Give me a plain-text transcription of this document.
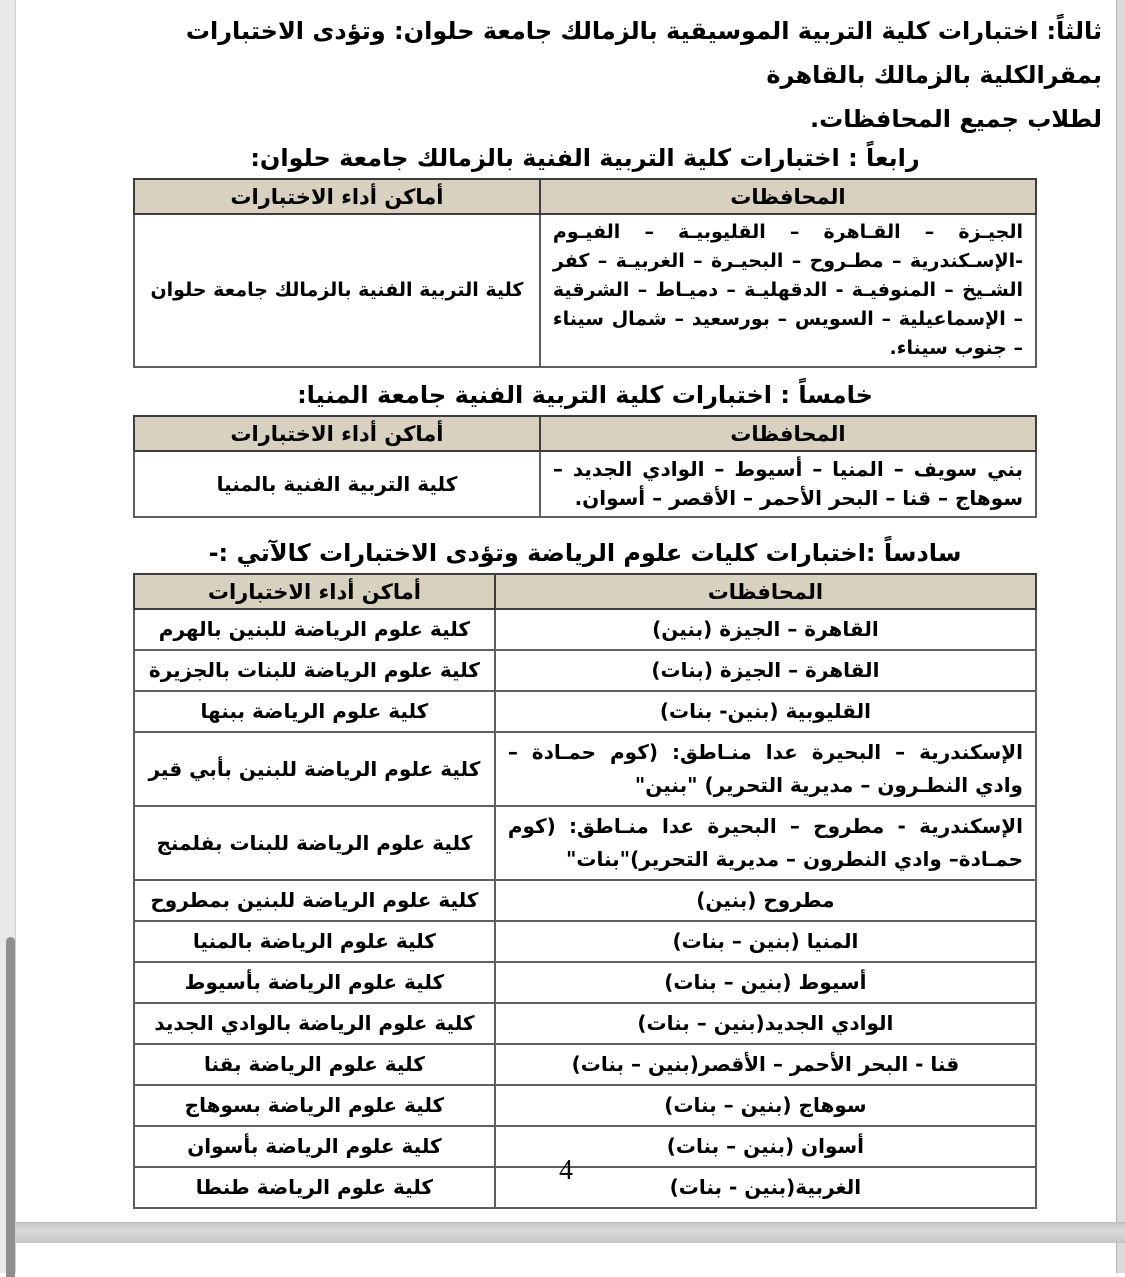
ثالثاً: اختبارات كلية التربية الموسيقية بالزمالك جامعة حلوان: وتؤدى الاختبارات بمقرالكلية بالزمالك بالقاهرة
لطلاب جميع المحافظات.

رابعاً : اختبارات كلية التربية الفنية بالزمالك جامعة حلوان:
المحافظات	أماكن أداء الاختبارات
الجيـزة – القـاهرة – القليوبيـة – الفيـوم -الإسـكندرية – مطـروح – البحيـرة – الغربيـة – كفر الشـيخ – المنوفيـة - الدقهليـة – دميـاط – الشرقية – الإسماعيلية – السويس – بورسعيد – شمال سيناء – جنوب سيناء.	كلية التربية الفنية بالزمالك جامعة حلوان
خامساً : اختبارات كلية التربية الفنية جامعة المنيا:
المحافظات	أماكن أداء الاختبارات
بني سويف – المنيا – أسيوط – الوادي الجديد – سوهاج – قنا – البحر الأحمر – الأقصر – أسوان.	كلية التربية الفنية بالمنيا
سادساً :اختبارات كليات علوم الرياضة وتؤدى الاختبارات كالآتي :-
المحافظات	أماكن أداء الاختبارات
القاهرة – الجيزة (بنين)	كلية علوم الرياضة للبنين بالهرم
القاهرة – الجيزة (بنات)	كلية علوم الرياضة للبنات بالجزيرة
القليوبية (بنين- بنات)	كلية علوم الرياضة ببنها
الإسكندرية – البحيرة عدا منـاطق: (كوم حمـادة – وادي النطـرون – مديرية التحرير) "بنين"	كلية علوم الرياضة للبنين بأبي قير
الإسكندرية - مطروح – البحيرة عدا منـاطق: (كوم حمـادة– وادي النطرون – مديرية التحرير)"بنات"	كلية علوم الرياضة للبنات بفلمنج
مطروح (بنين)	كلية علوم الرياضة للبنين بمطروح
المنيا (بنين – بنات)	كلية علوم الرياضة بالمنيا
أسيوط (بنين – بنات)	كلية علوم الرياضة بأسيوط
الوادي الجديد(بنين – بنات)	كلية علوم الرياضة بالوادي الجديد
قنا - البحر الأحمر – الأقصر(بنين – بنات)	كلية علوم الرياضة بقنا
سوهاج (بنين – بنات)	كلية علوم الرياضة بسوهاج
أسوان (بنين – بنات)	كلية علوم الرياضة بأسوان
الغربية(بنين - بنات)	كلية علوم الرياضة طنطا
4
